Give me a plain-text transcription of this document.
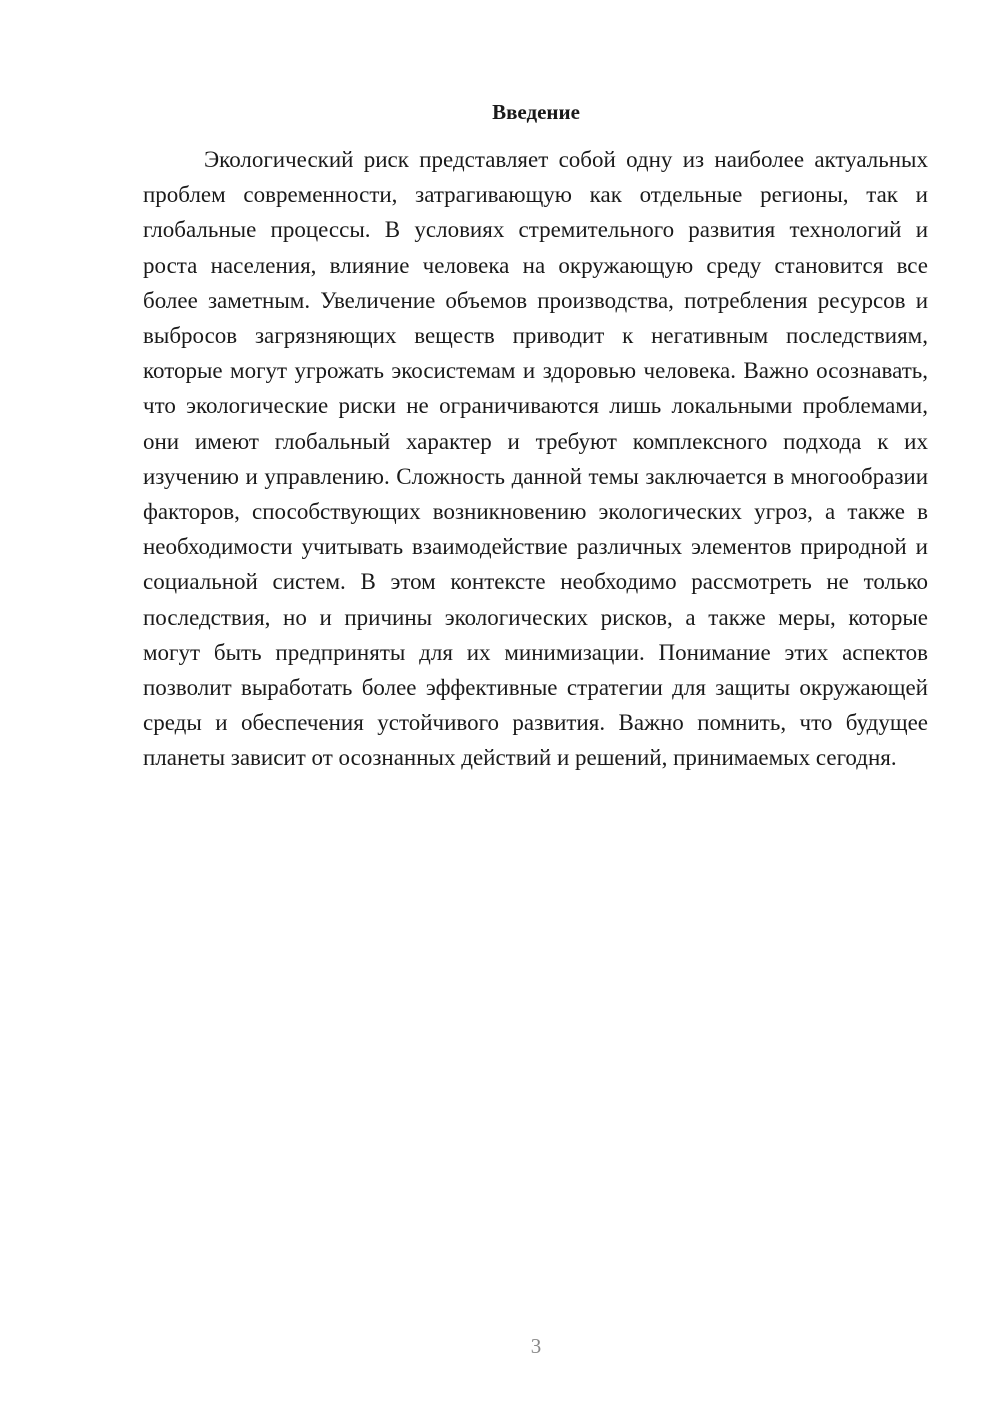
Введение

Экологический риск представляет собой одну из наиболее актуальных проблем современности, затрагивающую как отдельные регионы, так и глобальные процессы. В условиях стремительного развития технологий и роста населения, влияние человека на окружающую среду становится все более заметным. Увеличение объемов производства, потребления ресурсов и выбросов загрязняющих веществ приводит к негативным последствиям, которые могут угрожать экосистемам и здоровью человека. Важно осознавать, что экологические риски не ограничиваются лишь локальными проблемами, они имеют глобальный характер и требуют комплексного подхода к их изучению и управлению. Сложность данной темы заключается в многообразии факторов, способствующих возникновению экологических угроз, а также в необходимости учитывать взаимодействие различных элементов природной и социальной систем. В этом контексте необходимо рассмотреть не только последствия, но и причины экологических рисков, а также меры, которые могут быть предприняты для их минимизации. Понимание этих аспектов позволит выработать более эффективные стратегии для защиты окружающей среды и обеспечения устойчивого развития. Важно помнить, что будущее планеты зависит от осознанных действий и решений, принимаемых сегодня.

3
